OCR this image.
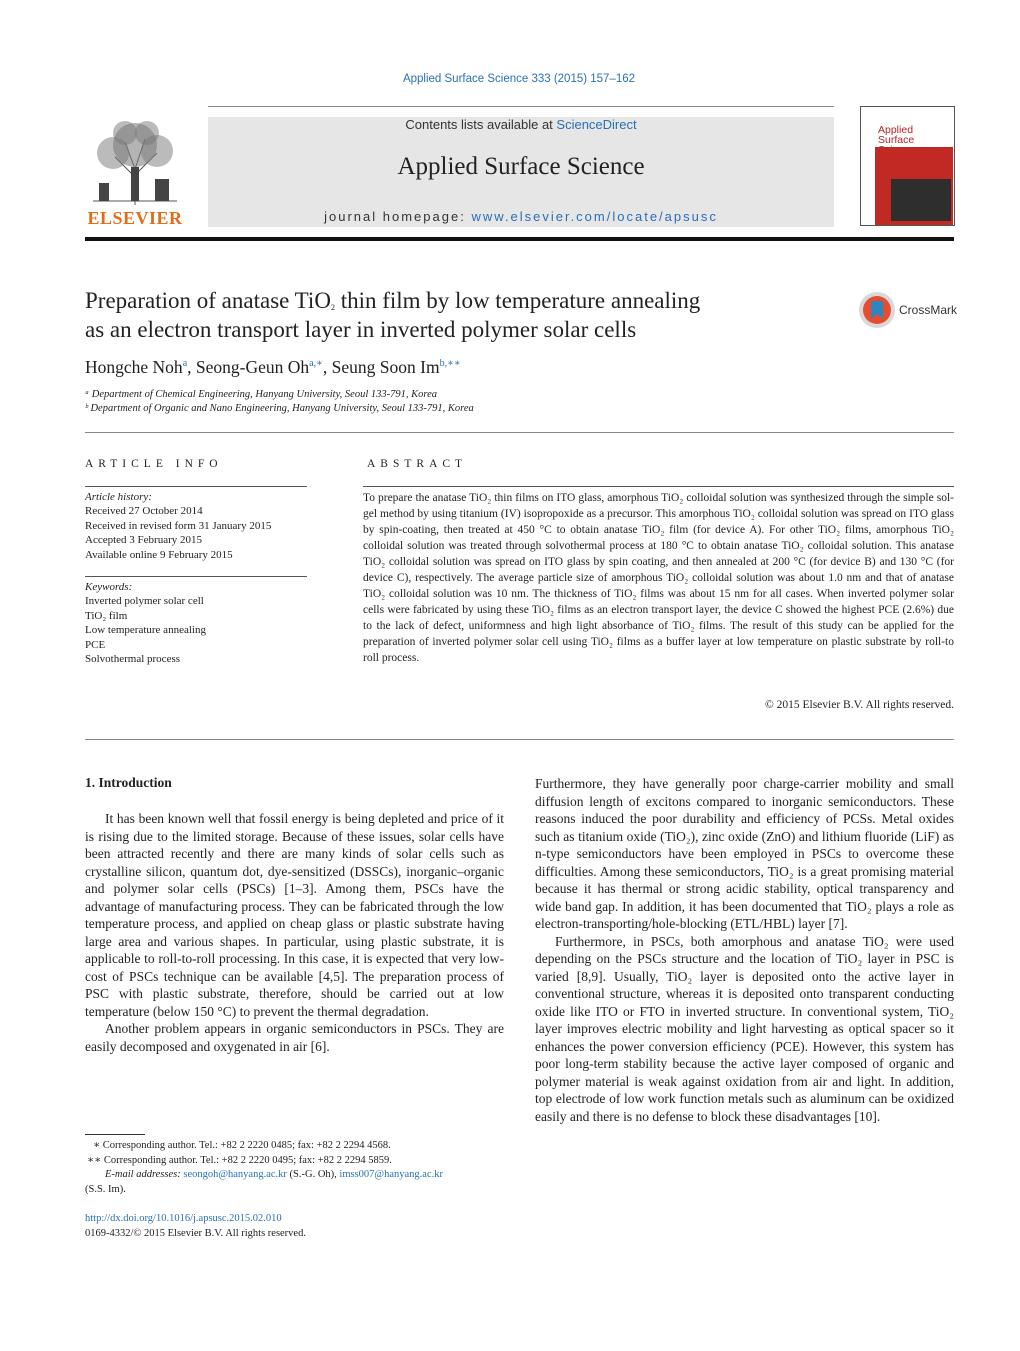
Applied Surface Science 333 (2015) 157–162
ELSEVIER
Contents lists available at ScienceDirect
Applied Surface Science
journal homepage: www.elsevier.com/locate/apsusc
Applied
Surface
Preparation of anatase TiO$_2$ thin film by low temperature annealing
as an electron transport layer in inverted polymer solar cells
CrossMark
Hongche Noh$^a$, Seong-Geun $Oh^{a,∗}$, Seung Soon $Im^{b,∗∗}$
ᵃ Department of Chemical Engineering, Hanyang University, Seoul 133-791, Korea
ᵇ Department of Organic and Nano Engineering, Hanyang University, Seoul 133-791, Korea
ARTICLE INFO
Article history:
Received 27 October 2014
Received in revised form 31 January 2015
Accepted 3 February 2015
Available online 9 February 2015
Keywords:
Inverted polymer solar cell
TiO₂ film
Low temperature annealing
PCE
Solvothermal process
ABSTRACT
To prepare the anatase TiO₂ thin films on ITO glass, amorphous TiO₂ colloidal solution was synthesized through the simple sol-gel method by using titanium (IV) isopropoxide as a precursor. This amorphous TiO₂ colloidal solution was spread on ITO glass by spin-coating, then treated at 450 °C to obtain anatase TiO₂ film (for device A). For other TiO₂ films, amorphous TiO₂ colloidal solution was treated through solvothermal process at 180 °C to obtain anatase TiO₂ colloidal solution. This anatase TiO₂ colloidal solution was spread on ITO glass by spin coating, and then annealed at 200 °C (for device B) and 130 °C (for device C), respectively. The average particle size of amorphous TiO₂ colloidal solution was about 1.0 nm and that of anatase TiO₂ colloidal solution was 10 nm. The thickness of TiO₂ films was about 15 nm for all cases. When inverted polymer solar cells were fabricated by using these TiO₂ films as an electron transport layer, the device C showed the highest PCE (2.6%) due to the lack of defect, uniformness and high light absorbance of TiO₂ films. The result of this study can be applied for the preparation of inverted polymer solar cell using TiO₂ films as a buffer layer at low temperature on plastic substrate by roll-to roll process.
© 2015 Elsevier B.V. All rights reserved.
1. Introduction

It has been known well that fossil energy is being depleted and price of it is rising due to the limited storage. Because of these issues, solar cells have been attracted recently and there are many kinds of solar cells such as crystalline silicon, quantum dot, dye-sensitized (DSSCs), inorganic–organic and polymer solar cells (PSCs) [1–3]. Among them, PSCs have the advantage of manufacturing process. They can be fabricated through the low temperature process, and applied on cheap glass or plastic substrate having large area and various shapes. In particular, using plastic substrate, it is applicable to roll-to-roll processing. In this case, it is expected that very low-cost of PSCs technique can be available [4,5]. The preparation process of PSC with plastic substrate, therefore, should be carried out at low temperature (below 150 °C) to prevent the thermal degradation.

Another problem appears in organic semiconductors in PSCs. They are easily decomposed and oxygenated in air [6].

Furthermore, they have generally poor charge-carrier mobility and small diffusion length of excitons compared to inorganic semiconductors. These reasons induced the poor durability and efficiency of PCSs. Metal oxides such as titanium oxide (TiO₂), zinc oxide (ZnO) and lithium fluoride (LiF) as n-type semiconductors have been employed in PSCs to overcome these difficulties. Among these semiconductors, TiO₂ is a great promising material because it has thermal or strong acidic stability, optical transparency and wide band gap. In addition, it has been documented that TiO₂ plays a role as electron-transporting/hole-blocking (ETL/HBL) layer [7].

Furthermore, in PSCs, both amorphous and anatase TiO₂ were used depending on the PSCs structure and the location of TiO₂ layer in PSC is varied [8,9]. Usually, TiO₂ layer is deposited onto the active layer in conventional structure, whereas it is deposited onto transparent conducting oxide like ITO or FTO in inverted structure. In conventional system, TiO₂ layer improves electric mobility and light harvesting as optical spacer so it enhances the power conversion efficiency (PCE). However, this system has poor long-term stability because the active layer composed of organic and polymer material is weak against oxidation from air and light. In addition, top electrode of low work function metals such as aluminum can be oxidized easily and there is no defense to block these disadvantages [10].

∗ Corresponding author. Tel.: +82 2 2220 0485; fax: +82 2 2294 4568.
∗∗ Corresponding author. Tel.: +82 2 2220 0495; fax: +82 2 2294 5859.
E-mail addresses: seongoh@hanyang.ac.kr (S.-G. Oh), imss007@hanyang.ac.kr
(S.S. Im).
http://dx.doi.org/10.1016/j.apsusc.2015.02.010
0169-4332/© 2015 Elsevier B.V. All rights reserved.
